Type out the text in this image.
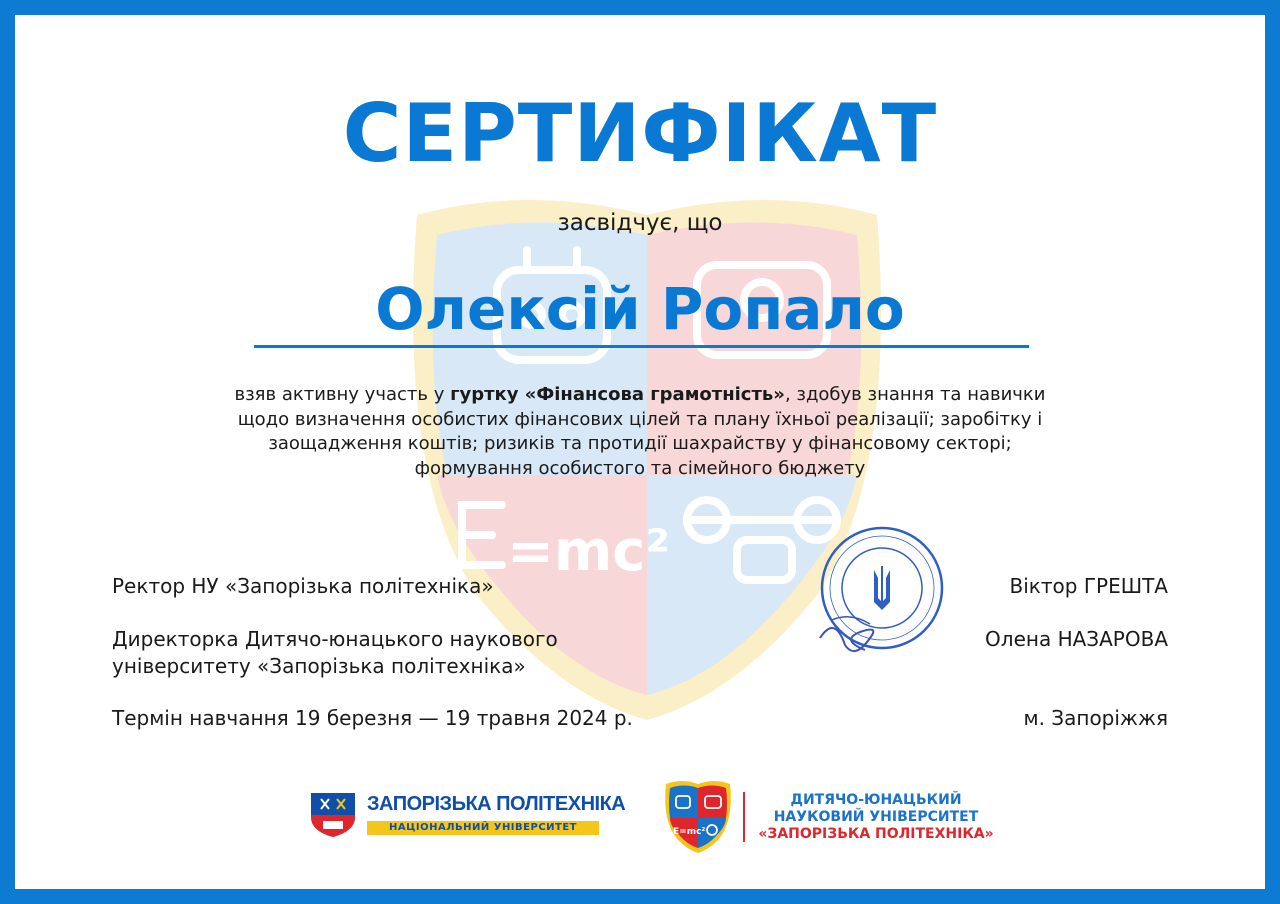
=mc²
СЕРТИФІКАТ
засвідчує, що
Олексій Ропало
взяв активну участь у гуртку «Фінансова грамотність», здобув знання та навички
щодо визначення особистих фінансових цілей та плану їхньої реалізації; заробітку і
заощадження коштів; ризиків та протидії шахрайству у фінансовому секторі;
формування особистого та сімейного бюджету
Ректор НУ «Запорізька політехніка»	Віктор ГРЕШТА
Директорка Дитячо-юнацького наукового
університету «Запорізька політехніка»
Олена НАЗАРОВА
Термін навчання 19 березня — 19 травня 2024 р.	м. Запоріжжя
ЗАПОРІЗЬКА ПОЛІТЕХНІКА
НАЦІОНАЛЬНИЙ УНІВЕРСИТЕТ	E=mc²
ДИТЯЧО-ЮНАЦЬКИЙ
НАУКОВИЙ УНІВЕРСИТЕТ
«ЗАПОРІЗЬКА ПОЛІТЕХНІКА»
